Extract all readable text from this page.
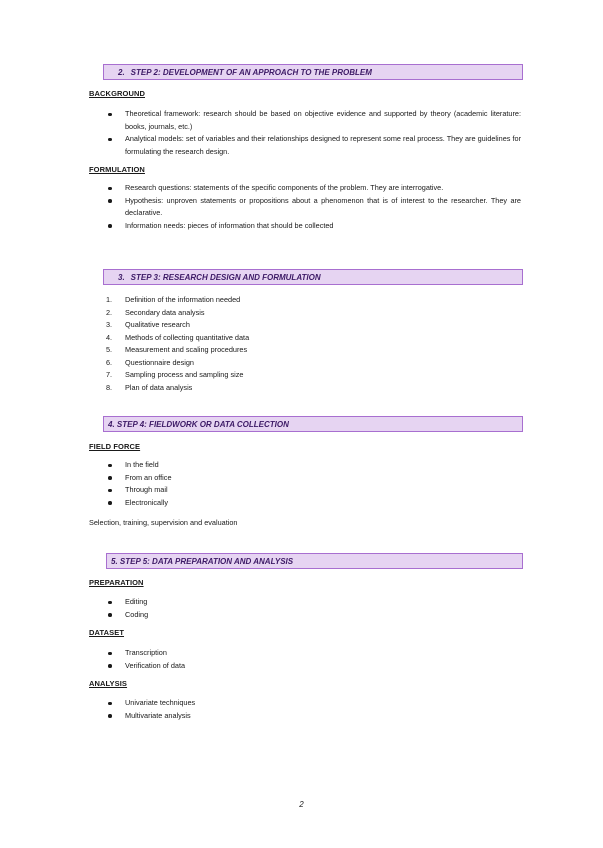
2. STEP 2: DEVELOPMENT OF AN APPROACH TO THE PROBLEM
BACKGROUND
Theoretical framework: research should be based on objective evidence and supported by theory (academic literature: books, journals, etc.)
Analytical models: set of variables and their relationships designed to represent some real process. They are guidelines for formulating the research design.
FORMULATION
Research questions: statements of the specific components of the problem. They are interrogative.
Hypothesis: unproven statements or propositions about a phenomenon that is of interest to the researcher. They are declarative.
Information needs: pieces of information that should be collected
3. STEP 3: RESEARCH DESIGN AND FORMULATION
1. Definition of the information needed
2. Secondary data analysis
3. Qualitative research
4. Methods of collecting quantitative data
5. Measurement and scaling procedures
6. Questionnaire design
7. Sampling process and sampling size
8. Plan of data analysis
4. STEP 4: FIELDWORK OR DATA COLLECTION
FIELD FORCE
In the field
From an office
Through mail
Electronically
Selection, training, supervision and evaluation
5. STEP 5: DATA PREPARATION AND ANALYSIS
PREPARATION
Editing
Coding
DATASET
Transcription
Verification of data
ANALYSIS
Univariate techniques
Multivariate analysis
2
